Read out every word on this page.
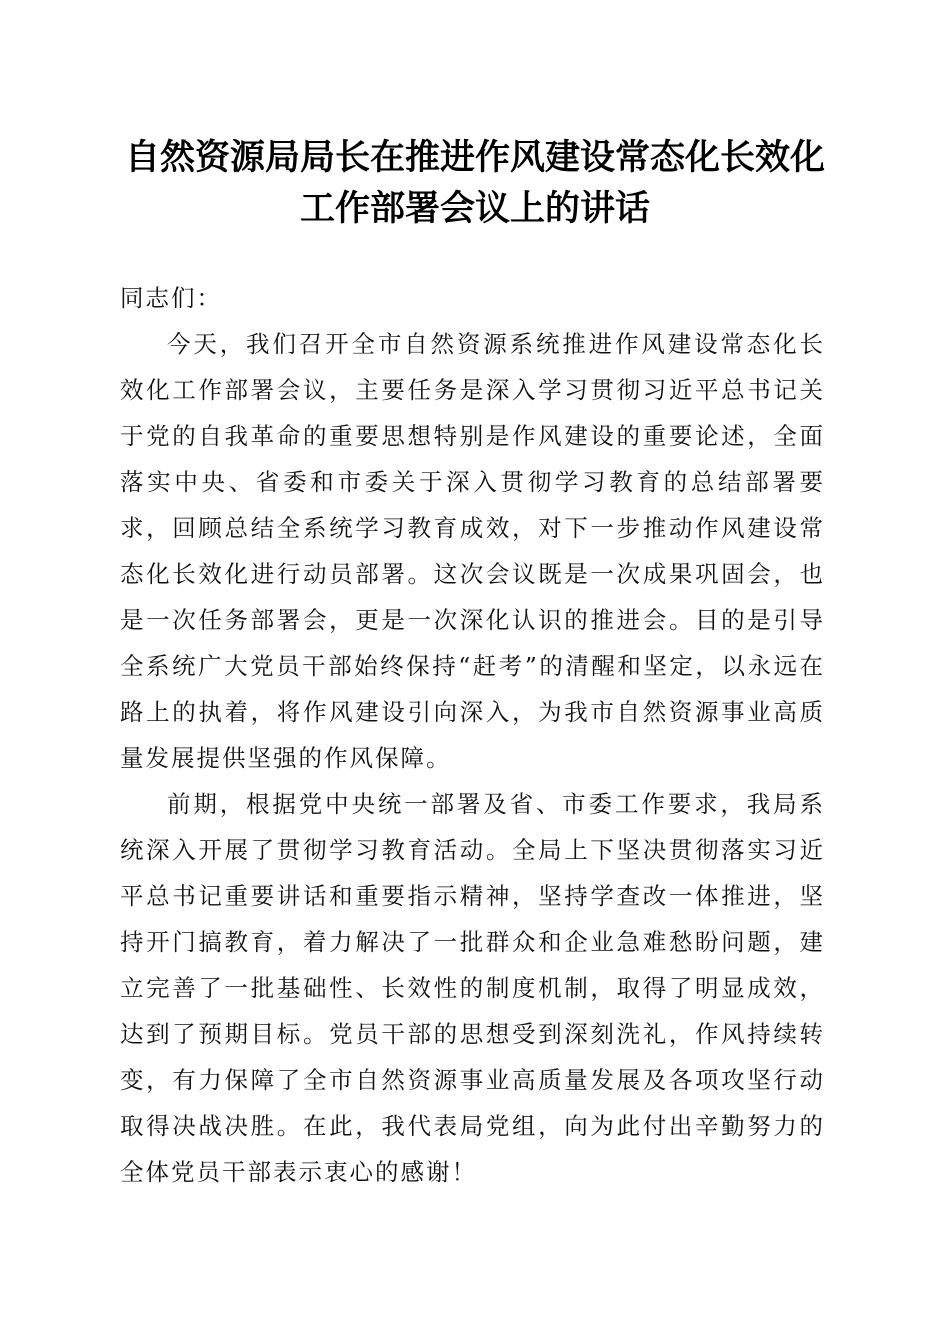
自然资源局局长在推进作风建设常态化长效化
工作部署会议上的讲话

同志们：

今天，我们召开全市自然资源系统推进作风建设常态化长效化工作部署会议，主要任务是深入学习贯彻习近平总书记关于党的自我革命的重要思想特别是作风建设的重要论述，全面落实中央、省委和市委关于深入贯彻学习教育的总结部署要求，回顾总结全系统学习教育成效，对下一步推动作风建设常态化长效化进行动员部署。这次会议既是一次成果巩固会，也是一次任务部署会，更是一次深化认识的推进会。目的是引导全系统广大党员干部始终保持“赶考”的清醒和坚定，以永远在路上的执着，将作风建设引向深入，为我市自然资源事业高质量发展提供坚强的作风保障。

前期，根据党中央统一部署及省、市委工作要求，我局系统深入开展了贯彻学习教育活动。全局上下坚决贯彻落实习近平总书记重要讲话和重要指示精神，坚持学查改一体推进，坚持开门搞教育，着力解决了一批群众和企业急难愁盼问题，建立完善了一批基础性、长效性的制度机制，取得了明显成效，达到了预期目标。党员干部的思想受到深刻洗礼，作风持续转变，有力保障了全市自然资源事业高质量发展及各项攻坚行动取得决战决胜。在此，我代表局党组，向为此付出辛勤努力的全体党员干部表示衷心的感谢！
